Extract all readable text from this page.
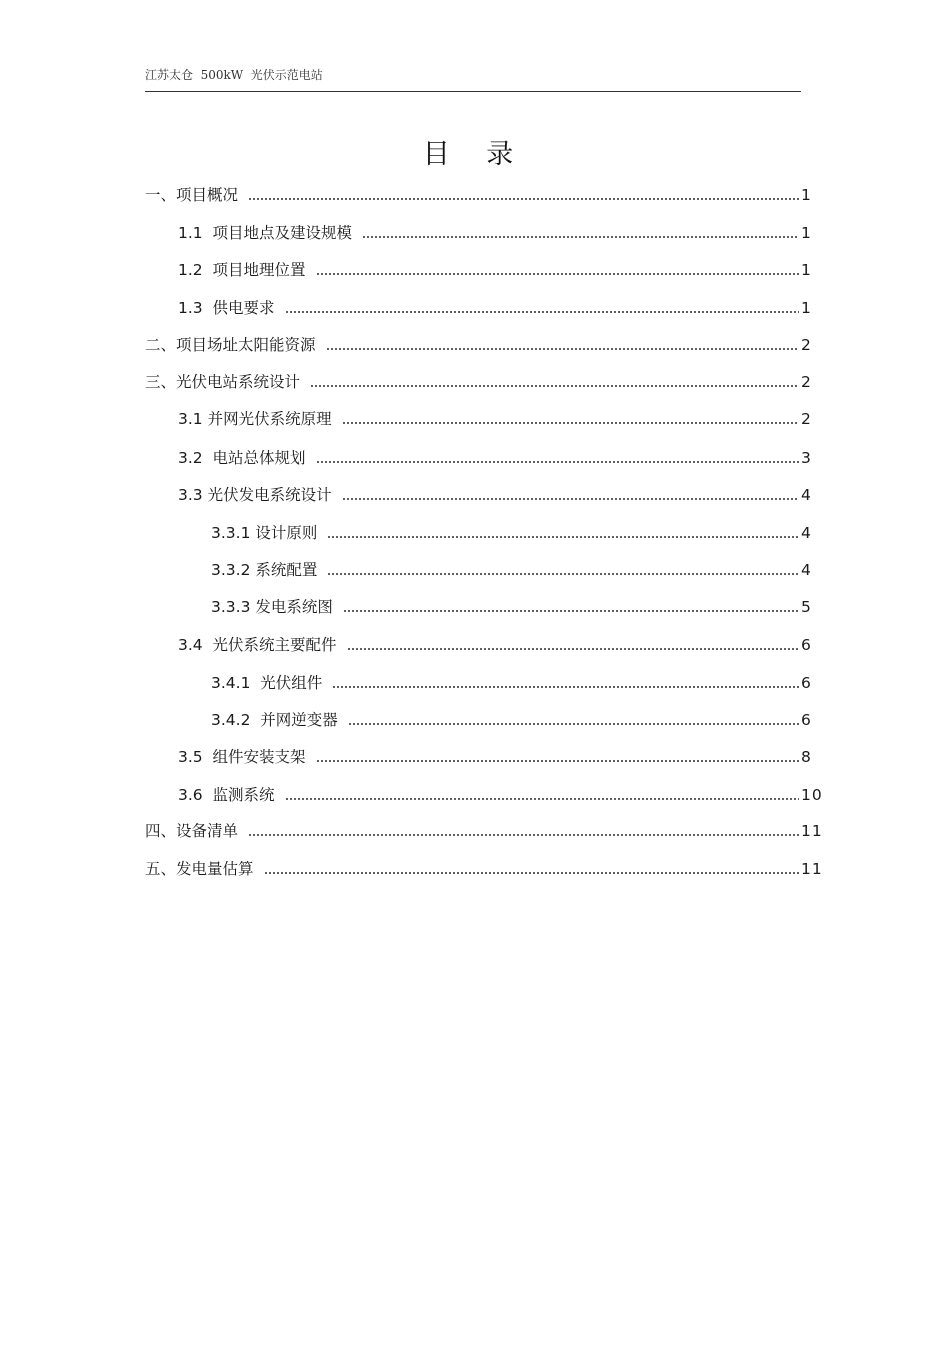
江苏太仓  500kW  光伏示范电站
目 录
一、项目概况	1
1.1  项目地点及建设规模	1
1.2  项目地理位置	1
1.3  供电要求	1
二、项目场址太阳能资源	2
三、光伏电站系统设计	2
3.1 并网光伏系统原理	2
3.2  电站总体规划	3
3.3 光伏发电系统设计	4
3.3.1 设计原则	4
3.3.2 系统配置	4
3.3.3 发电系统图	5
3.4  光伏系统主要配件	6
3.4.1  光伏组件	6
3.4.2  并网逆变器	6
3.5  组件安装支架	8
3.6  监测系统	10
四、设备清单	11
五、发电量估算	11
